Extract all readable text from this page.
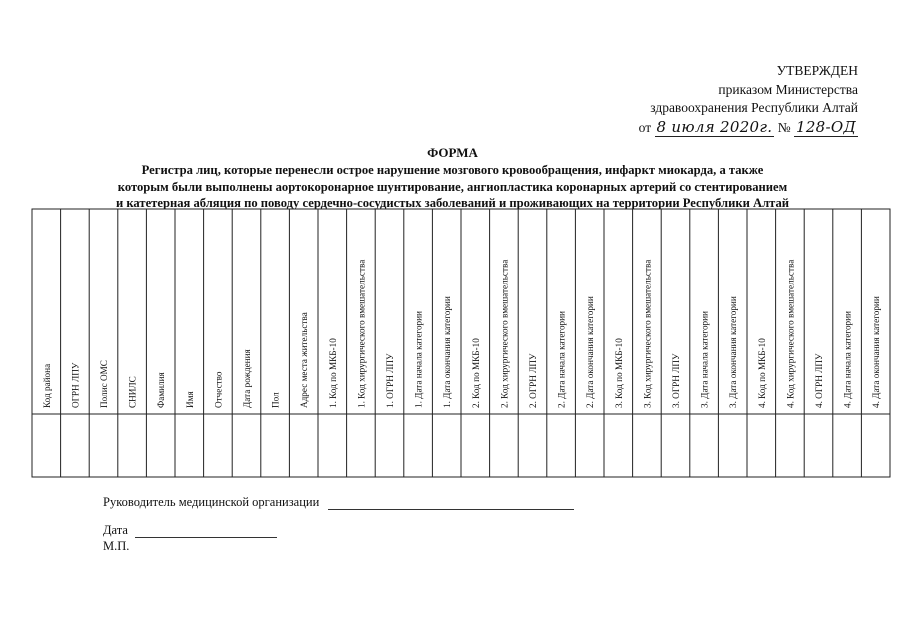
УТВЕРЖДЕН
приказом Министерства
здравоохранения Республики Алтай
от 8 июля 2020г. № 128-ОД
ФОРМА
Регистра лиц, которые перенесли острое нарушение мозгового кровообращения, инфаркт миокарда, а также
которым были выполнены аортокоронарное шунтирование, ангиопластика коронарных артерий со стентированием
и катетерная абляция по поводу сердечно-сосудистых заболеваний и проживающих на территории Республики Алтай
Код района ОГРН ЛПУ Полис ОМС СНИЛС Фамилия Имя Отчество Дата рождения Пол Адрес места жительства 1. Код по МКБ-10 1. Код хирургического вмешательства 1. ОГРН ЛПУ 1. Дата начала категории 1. Дата окончания категории 2. Код по МКБ-10 2. Код хирургического вмешательства 2. ОГРН ЛПУ 2. Дата начала категории 2. Дата окончания категории 3. Код по МКБ-10 3. Код хирургического вмешательства 3. ОГРН ЛПУ 3. Дата начала категории 3. Дата окончания категории 4. Код по МКБ-10 4. Код хирургического вмешательства 4. ОГРН ЛПУ 4. Дата начала категории 4. Дата окончания категории
Руководитель медицинской организации
Дата
М.П.
